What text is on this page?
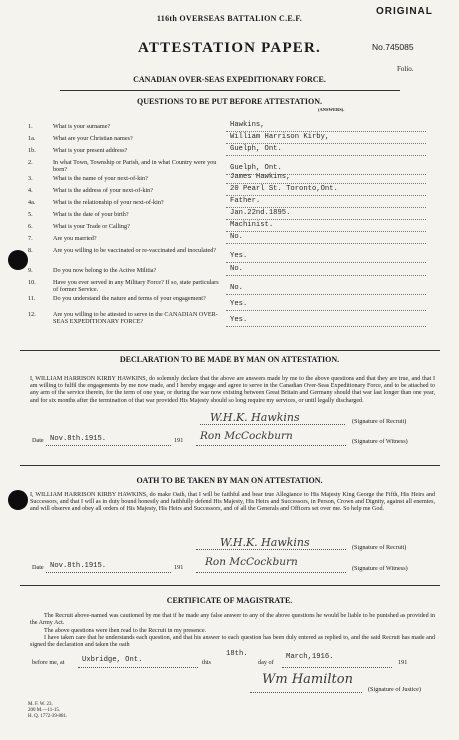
116th OVERSEAS BATTALION C.E.F.
ORIGINAL
ATTESTATION PAPER.	No.745085
Folio.
CANADIAN OVER-SEAS EXPEDITIONARY FORCE.
QUESTIONS TO BE PUT BEFORE ATTESTATION.
(ANSWERS).
1.	What is your surname?	Hawkins,
1a.	What are your Christian names?	William Harrison Kirby,
1b.	What is your present address?	Guelph, Ont.
2.	In what Town, Township or Parish, and in what Country were you born?	Guelph, Ont.
3.	What is the name of your next-of-kin?	James Hawkins,
4.	What is the address of your next-of-kin?	20 Pearl St. Toronto,Ont.
4a.	What is the relationship of your next-of-kin?	Father.
5.	What is the date of your birth?	Jan.22nd.1895.
6.	What is your Trade or Calling?	Machinist.
7.	Are you married?	No.
8.	Are you willing to be vaccinated or re-vaccinated and inoculated?
Yes.
9.	Do you now belong to the Active Militia?	No.
10.	Have you ever served in any Military Force? If so, state particulars of former Service.	No.
11.	Do you understand the nature and terms of your engagement?
Yes.
12.	Are you willing to be attested to serve in the CANADIAN OVER-SEAS EXPEDITIONARY FORCE?	Yes.
DECLARATION TO BE MADE BY MAN ON ATTESTATION.
I, WILLIAM HARRISON KIRBY HAWKINS, do solemnly declare that the above are answers made by me to the above questions and that they are true, and that I am willing to fulfil the engagements by me now made, and I hereby engage and agree to serve in the Canadian Over-Seas Expeditionary Force, and to be attached to any arm of the service therein, for the term of one year, or during the war now existing between Great Britain and Germany should that war last longer than one year, and for six months after the termination of that war provided His Majesty should so long require my services, or until legally discharged.
W.H.K. Hawkins	(Signature of Recruit)
Date Nov.8th.1915.	191 Ron McCockburn	(Signature of Witness)
OATH TO BE TAKEN BY MAN ON ATTESTATION.
I, WILLIAM HARRISON KIRBY HAWKINS, do make Oath, that I will be faithful and bear true Allegiance to His Majesty King George the Fifth, His Heirs and Successors, and that I will as in duty bound honestly and faithfully defend His Majesty, His Heirs and Successors, in Person, Crown and Dignity, against all enemies, and will observe and obey all orders of His Majesty, His Heirs and Successors, and of all the Generals and Officers set over me. So help me God.
W.H.K. Hawkins	(Signature of Recruit)
Date Nov.8th.1915.	191 Ron McCockburn
(Signature of Witness)
CERTIFICATE OF MAGISTRATE.
The Recruit above-named was cautioned by me that if he made any false answer to any of the above questions he would be liable to be punished as provided in the Army Act.
The above questions were then read to the Recruit in my presence.
I have taken care that he understands each question, and that his answer to each question has been duly entered as replied to, and the said Recruit has made and signed the declaration and taken the oath
before me, at Uxbridge, Ont.	this
18th.
day of
March,1916.
191
Wm Hamilton
(Signature of Justice)
M. F. W. 23.
200 M.—11-15.
H. Q. 1772-39-881.
